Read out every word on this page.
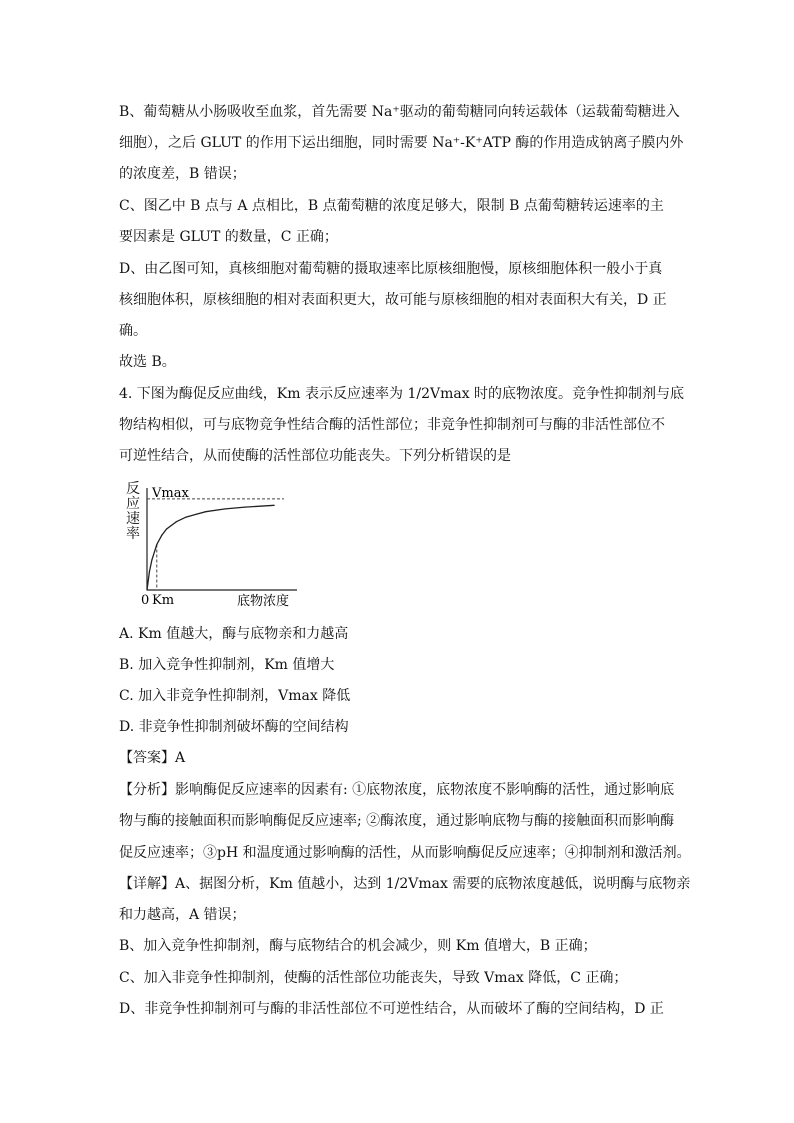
B、葡萄糖从小肠吸收至血浆，首先需要 Na⁺驱动的葡萄糖同向转运载体（运载葡萄糖进入
细胞），之后 GLUT 的作用下运出细胞，同时需要 Na⁺-K⁺ATP 酶的作用造成钠离子膜内外
的浓度差，B 错误；
C、图乙中 B 点与 A 点相比，B 点葡萄糖的浓度足够大，限制 B 点葡萄糖转运速率的主
要因素是 GLUT 的数量，C 正确；
D、由乙图可知，真核细胞对葡萄糖的摄取速率比原核细胞慢，原核细胞体积一般小于真
核细胞体积，原核细胞的相对表面积更大，故可能与原核细胞的相对表面积大有关，D 正
确。
故选 B。
4. 下图为酶促反应曲线，Km 表示反应速率为 1/2Vmax 时的底物浓度。竞争性抑制剂与底
物结构相似，可与底物竞争性结合酶的活性部位；非竞争性抑制剂可与酶的非活性部位不
可逆性结合，从而使酶的活性部位功能丧失。下列分析错误的是
反
应
速
率
Vmax
0 Km	底物浓度
A. Km 值越大，酶与底物亲和力越高
B. 加入竞争性抑制剂，Km 值增大
C. 加入非竞争性抑制剂，Vmax 降低
D. 非竞争性抑制剂破坏酶的空间结构
【答案】A
【分析】影响酶促反应速率的因素有: ①底物浓度，底物浓度不影响酶的活性，通过影响底
物与酶的接触面积而影响酶促反应速率; ②酶浓度，通过影响底物与酶的接触面积而影响酶
促反应速率；③pH 和温度通过影响酶的活性，从而影响酶促反应速率；④抑制剂和激活剂。
【详解】A、据图分析，Km 值越小，达到 1/2Vmax 需要的底物浓度越低，说明酶与底物亲
和力越高，A 错误；
B、加入竞争性抑制剂，酶与底物结合的机会减少，则 Km 值增大，B 正确；
C、加入非竞争性抑制剂，使酶的活性部位功能丧失，导致 Vmax 降低，C 正确；
D、非竞争性抑制剂可与酶的非活性部位不可逆性结合，从而破坏了酶的空间结构，D 正
